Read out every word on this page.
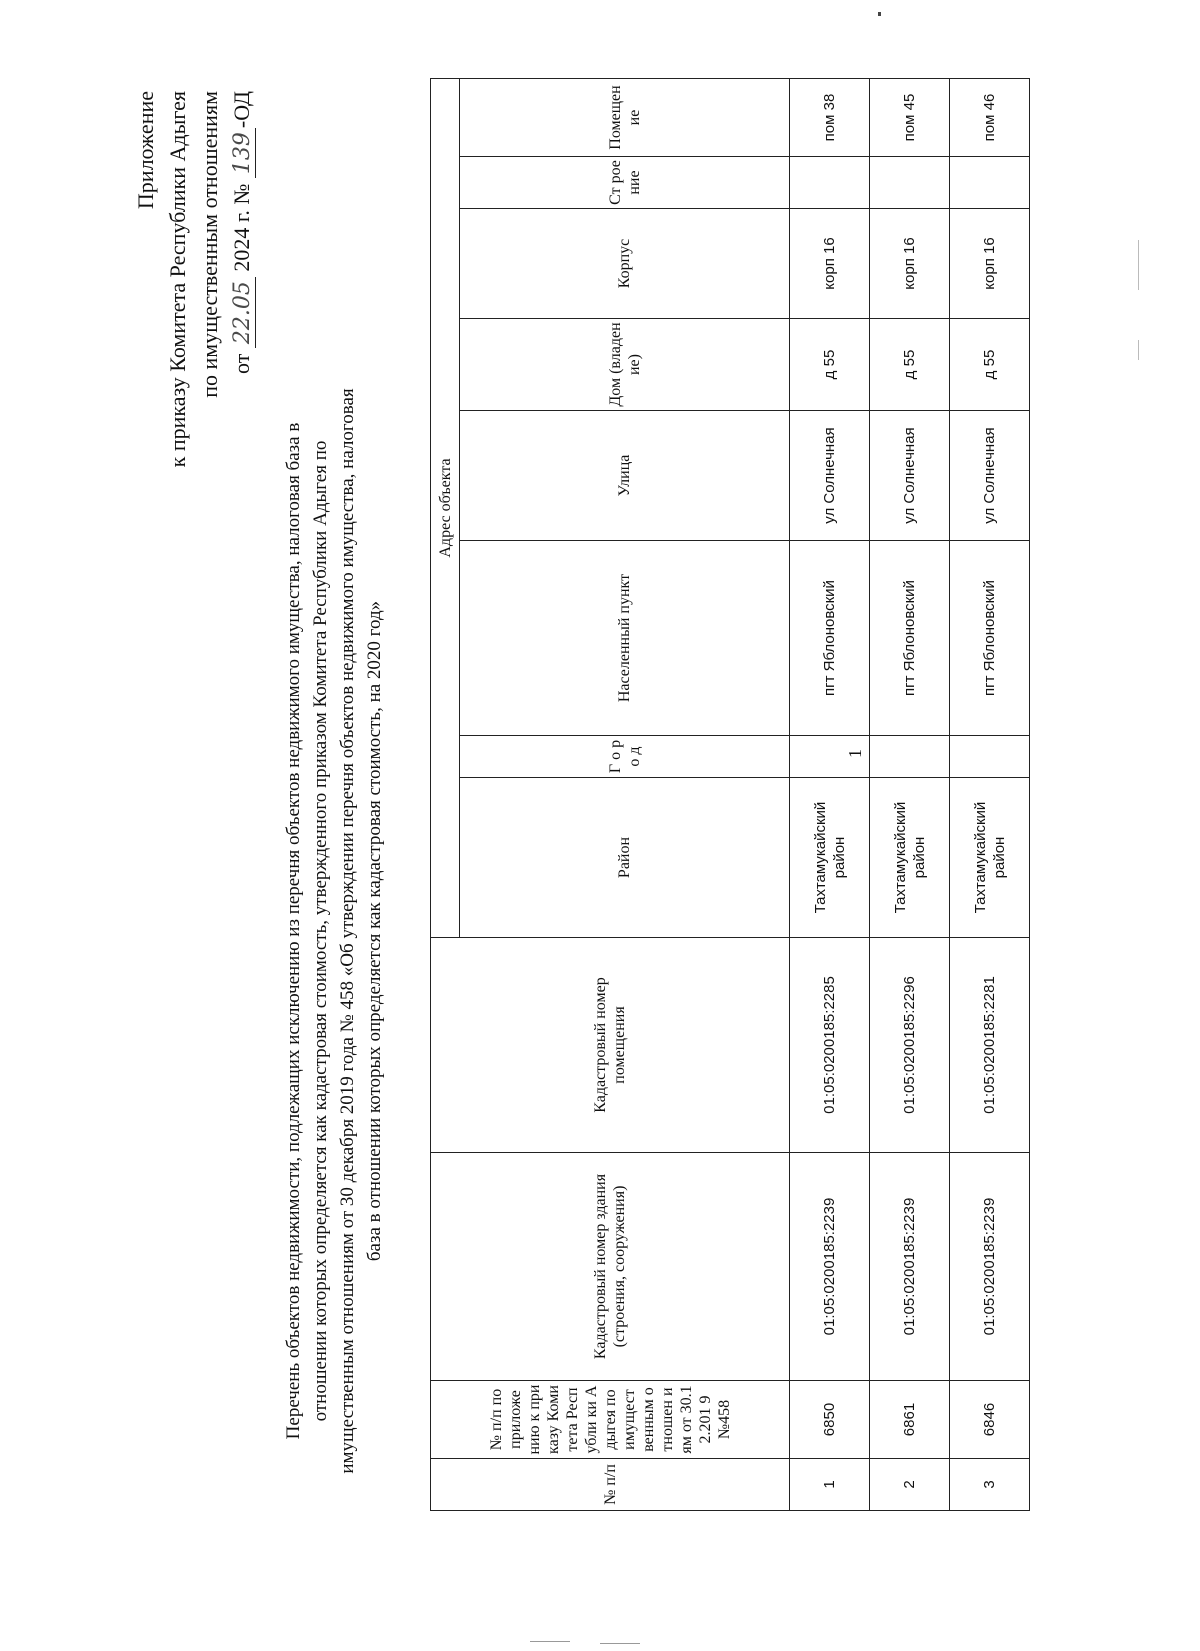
Приложение к приказу Комитета Республики Адыгея по имущественным отношениям от 22.05 2024 г. № 139-ОД
Перечень объектов недвижимости, подлежащих исключению из перечня объектов недвижимого имущества, налоговая база в отношении которых определяется как кадастровая стоимость, утвержденного приказом Комитета Республики Адыгея по имущественным отношениям от 30 декабря 2019 года № 458 «Об утверждении перечня объектов недвижимого имущества, налоговая база в отношении которых определяется как кадастровая стоимость, на 2020 год»
№ п/п	№ п/п по приложе нию к приказу Комитета Республи ки Адыгея по имущест венным отношен иям от 30.12.201 9 №458	Кадастровый номер здания (строения, сооружения)	Кадастровый номер помещения	Адрес объекта							
				Район	Г о р о д	Населенный пункт	Улица	Дом (владен ие)	Корпус	Ст рое ние	Помещен ие
1	6850	01:05:0200185:2239	01:05:0200185:2285	Тахтамукайский район		пгт Яблоновский	ул Солнечная	д 55	корп 16		пом 38
2	6861	01:05:0200185:2239	01:05:0200185:2296	Тахтамукайский район		пгт Яблоновский	ул Солнечная	д 55	корп 16		пом 45
3	6846	01:05:0200185:2239	01:05:0200185:2281	Тахтамукайский район		пгт Яблоновский	ул Солнечная	д 55	корп 16		пом 46
1
